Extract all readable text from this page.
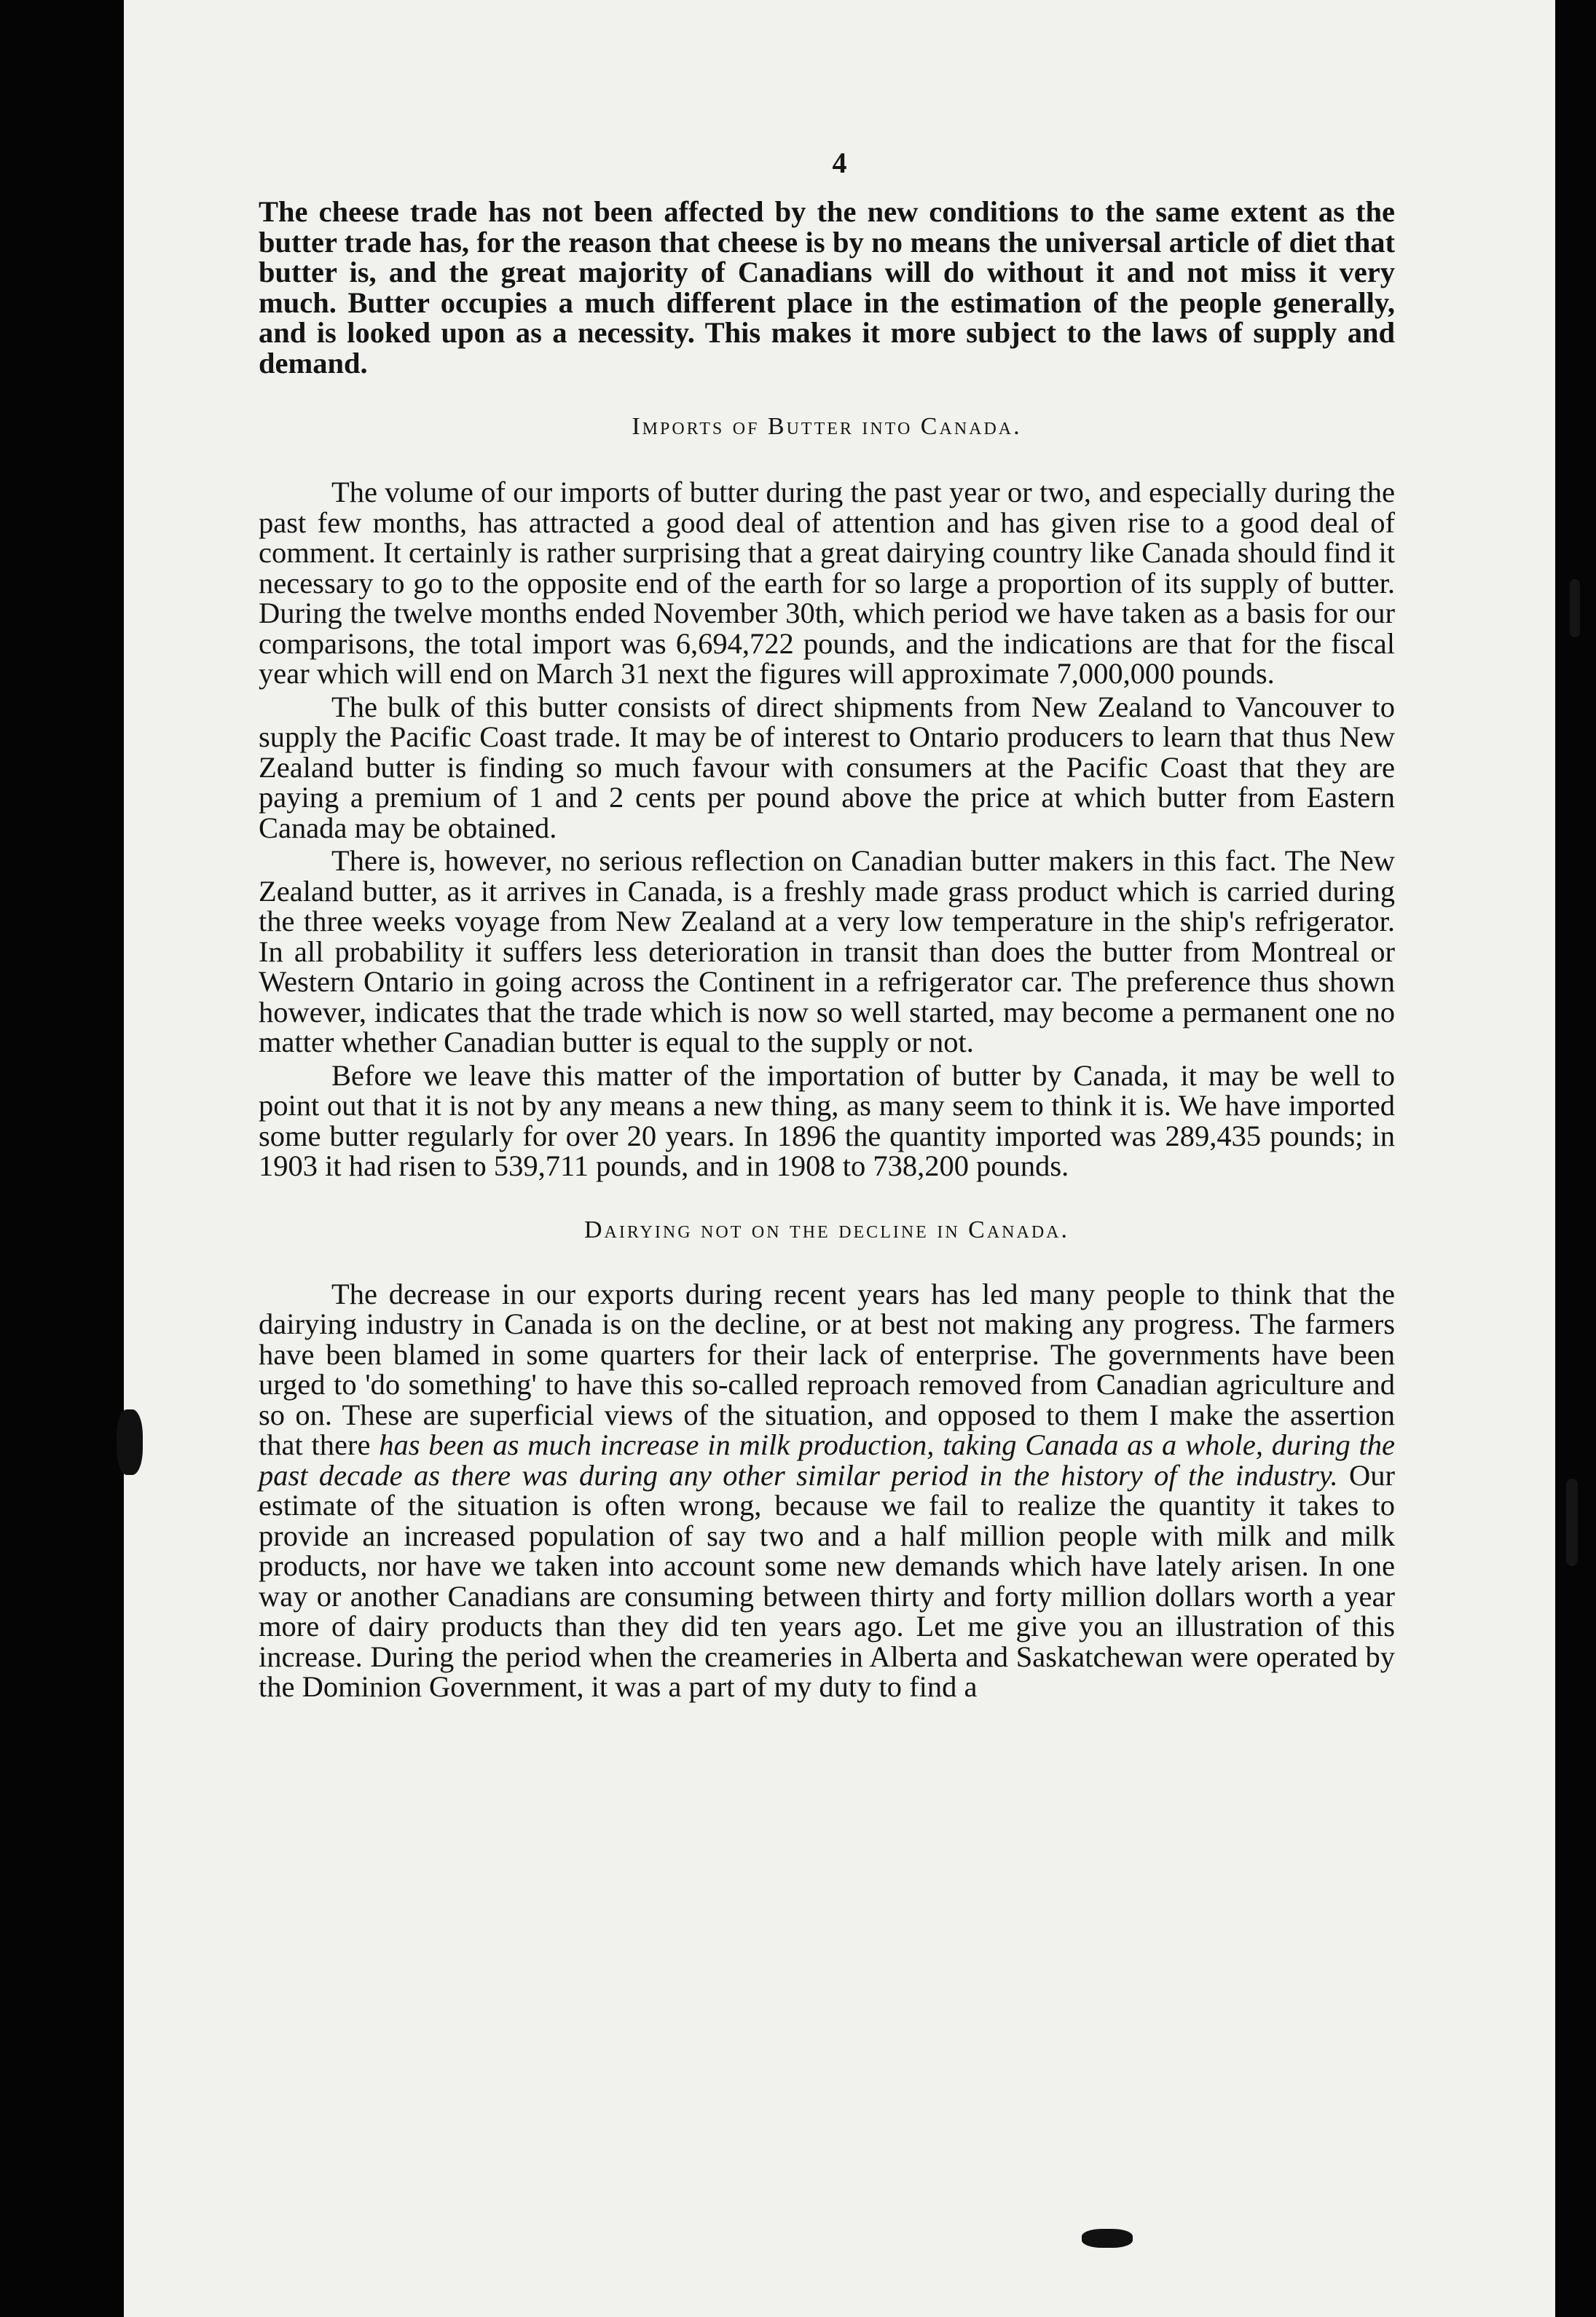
4

The cheese trade has not been affected by the new conditions to the same extent as the butter trade has, for the reason that cheese is by no means the universal article of diet that butter is, and the great majority of Canadians will do without it and not miss it very much. Butter occupies a much different place in the estimation of the people generally, and is looked upon as a necessity. This makes it more subject to the laws of supply and demand.

Imports of Butter into Canada.

The volume of our imports of butter during the past year or two, and especially during the past few months, has attracted a good deal of attention and has given rise to a good deal of comment. It certainly is rather surprising that a great dairying country like Canada should find it necessary to go to the opposite end of the earth for so large a proportion of its supply of butter. During the twelve months ended November 30th, which period we have taken as a basis for our comparisons, the total import was 6,694,722 pounds, and the indications are that for the fiscal year which will end on March 31 next the figures will approximate 7,000,000 pounds.

The bulk of this butter consists of direct shipments from New Zealand to Vancouver to supply the Pacific Coast trade. It may be of interest to Ontario producers to learn that thus New Zealand butter is finding so much favour with consumers at the Pacific Coast that they are paying a premium of 1 and 2 cents per pound above the price at which butter from Eastern Canada may be obtained.

There is, however, no serious reflection on Canadian butter makers in this fact. The New Zealand butter, as it arrives in Canada, is a freshly made grass product which is carried during the three weeks voyage from New Zealand at a very low temperature in the ship's refrigerator. In all probability it suffers less deterioration in transit than does the butter from Montreal or Western Ontario in going across the Continent in a refrigerator car. The preference thus shown however, indicates that the trade which is now so well started, may become a permanent one no matter whether Canadian butter is equal to the supply or not.

Before we leave this matter of the importation of butter by Canada, it may be well to point out that it is not by any means a new thing, as many seem to think it is. We have imported some butter regularly for over 20 years. In 1896 the quantity imported was 289,435 pounds; in 1903 it had risen to 539,711 pounds, and in 1908 to 738,200 pounds.

Dairying not on the decline in Canada.

The decrease in our exports during recent years has led many people to think that the dairying industry in Canada is on the decline, or at best not making any progress. The farmers have been blamed in some quarters for their lack of enterprise. The governments have been urged to 'do something' to have this so-called reproach removed from Canadian agriculture and so on. These are superficial views of the situation, and opposed to them I make the assertion that there has been as much increase in milk production, taking Canada as a whole, during the past decade as there was during any other similar period in the history of the industry. Our estimate of the situation is often wrong, because we fail to realize the quantity it takes to provide an increased population of say two and a half million people with milk and milk products, nor have we taken into account some new demands which have lately arisen. In one way or another Canadians are consuming between thirty and forty million dollars worth a year more of dairy products than they did ten years ago. Let me give you an illustration of this increase. During the period when the creameries in Alberta and Saskatchewan were operated by the Dominion Government, it was a part of my duty to find a
